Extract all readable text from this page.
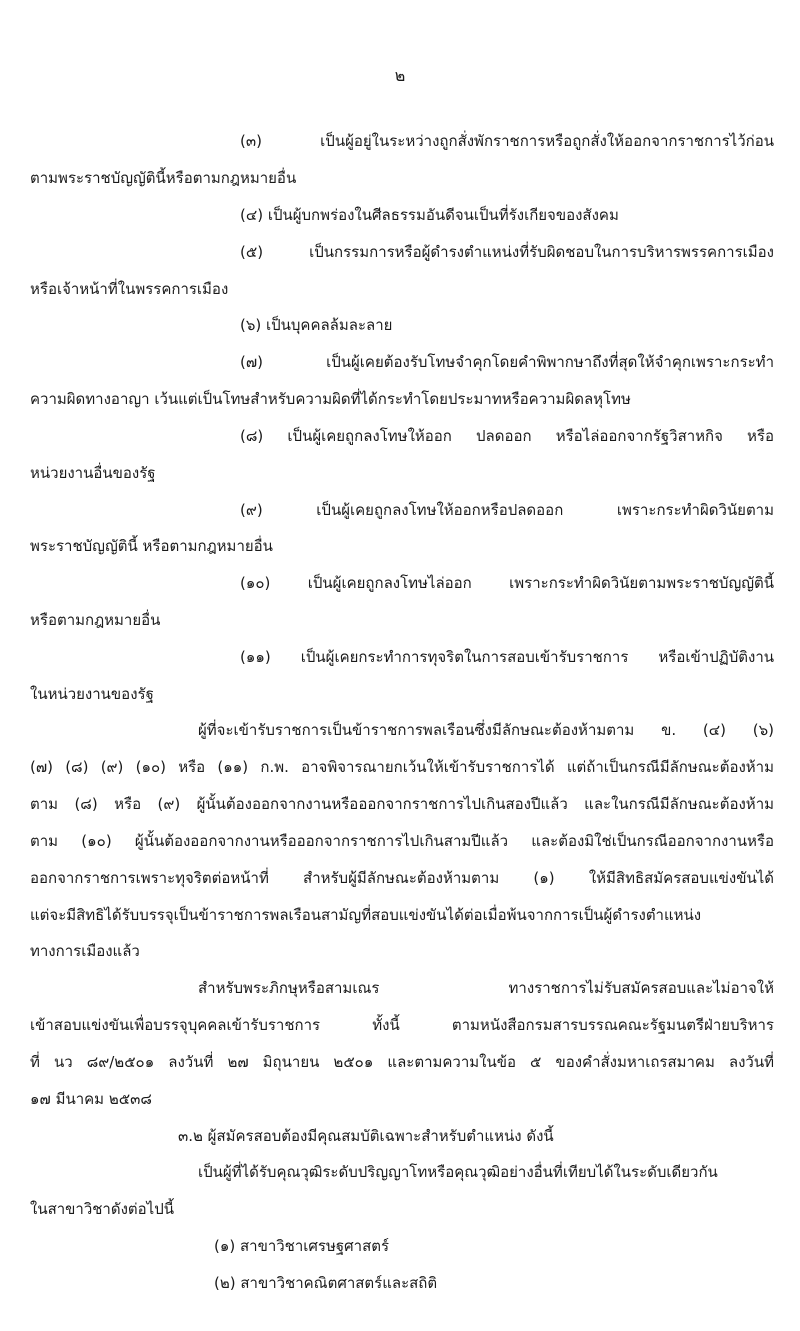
๒
(๓) เป็นผู้อยู่ในระหว่างถูกสั่งพักราชการหรือถูกสั่งให้ออกจากราชการไว้ก่อน
ตามพระราชบัญญัตินี้หรือตามกฎหมายอื่น
(๔) เป็นผู้บกพร่องในศีลธรรมอันดีจนเป็นที่รังเกียจของสังคม
(๕) เป็นกรรมการหรือผู้ดำรงตำแหน่งที่รับผิดชอบในการบริหารพรรคการเมือง
หรือเจ้าหน้าที่ในพรรคการเมือง
(๖) เป็นบุคคลล้มละลาย
(๗) เป็นผู้เคยต้องรับโทษจำคุกโดยคำพิพากษาถึงที่สุดให้จำคุกเพราะกระทำ
ความผิดทางอาญา เว้นแต่เป็นโทษสำหรับความผิดที่ได้กระทำโดยประมาทหรือความผิดลหุโทษ
(๘) เป็นผู้เคยถูกลงโทษให้ออก ปลดออก หรือไล่ออกจากรัฐวิสาหกิจ หรือ
หน่วยงานอื่นของรัฐ
(๙) เป็นผู้เคยถูกลงโทษให้ออกหรือปลดออก เพราะกระทำผิดวินัยตาม
พระราชบัญญัตินี้ หรือตามกฎหมายอื่น
(๑๐) เป็นผู้เคยถูกลงโทษไล่ออก เพราะกระทำผิดวินัยตามพระราชบัญญัตินี้
หรือตามกฎหมายอื่น
(๑๑) เป็นผู้เคยกระทำการทุจริตในการสอบเข้ารับราชการ หรือเข้าปฏิบัติงาน
ในหน่วยงานของรัฐ
ผู้ที่จะเข้ารับราชการเป็นข้าราชการพลเรือนซึ่งมีลักษณะต้องห้ามตาม ข. (๔) (๖)
(๗) (๘) (๙) (๑๐) หรือ (๑๑) ก.พ. อาจพิจารณายกเว้นให้เข้ารับราชการได้ แต่ถ้าเป็นกรณีมีลักษณะต้องห้าม
ตาม (๘) หรือ (๙) ผู้นั้นต้องออกจากงานหรือออกจากราชการไปเกินสองปีแล้ว และในกรณีมีลักษณะต้องห้าม
ตาม (๑๐) ผู้นั้นต้องออกจากงานหรือออกจากราชการไปเกินสามปีแล้ว และต้องมิใช่เป็นกรณีออกจากงานหรือ
ออกจากราชการเพราะทุจริตต่อหน้าที่ สำหรับผู้มีลักษณะต้องห้ามตาม (๑) ให้มีสิทธิสมัครสอบแข่งขันได้
แต่จะมีสิทธิได้รับบรรจุเป็นข้าราชการพลเรือนสามัญที่สอบแข่งขันได้ต่อเมื่อพ้นจากการเป็นผู้ดำรงตำแหน่ง
ทางการเมืองแล้ว
สำหรับพระภิกษุหรือสามเณร ทางราชการไม่รับสมัครสอบและไม่อาจให้
เข้าสอบแข่งขันเพื่อบรรจุบุคคลเข้ารับราชการ ทั้งนี้ ตามหนังสือกรมสารบรรณคณะรัฐมนตรีฝ่ายบริหาร
ที่ นว ๘๙/๒๕๐๑ ลงวันที่ ๒๗ มิถุนายน ๒๕๐๑ และตามความในข้อ ๕ ของคำสั่งมหาเถรสมาคม ลงวันที่
๑๗ มีนาคม ๒๕๓๘
๓.๒ ผู้สมัครสอบต้องมีคุณสมบัติเฉพาะสำหรับตำแหน่ง ดังนี้
เป็นผู้ที่ได้รับคุณวุฒิระดับปริญญาโทหรือคุณวุฒิอย่างอื่นที่เทียบได้ในระดับเดียวกัน
ในสาขาวิชาดังต่อไปนี้
(๑) สาขาวิชาเศรษฐศาสตร์
(๒) สาขาวิชาคณิตศาสตร์และสถิติ
